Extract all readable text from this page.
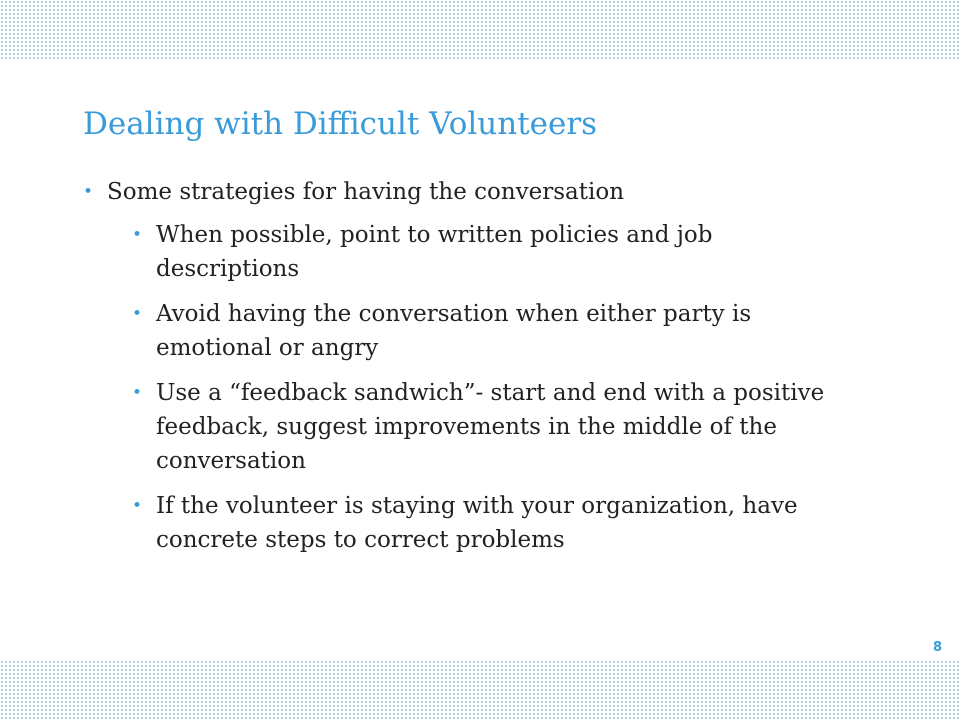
Dealing with Difficult Volunteers
• Some strategies for having the conversation
• When possible, point to written policies and job descriptions
• Avoid having the conversation when either party is emotional or angry
• Use a “feedback sandwich”- start and end with a positive feedback, suggest improvements in the middle of the conversation
• If the volunteer is staying with your organization, have concrete steps to correct problems
8
